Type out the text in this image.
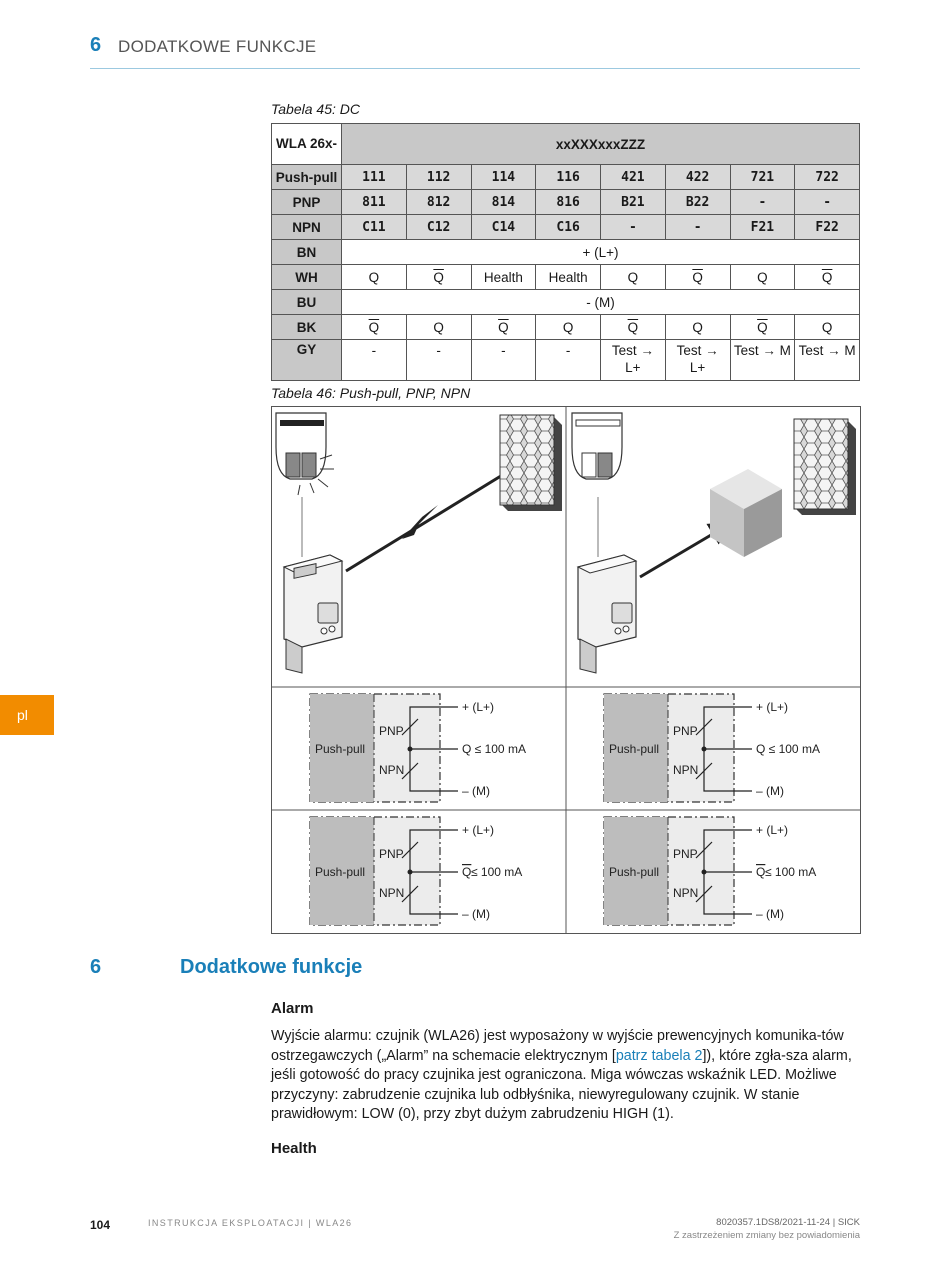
6 DODATKOWE FUNKCJE
Tabela 45: DC
WLA 26x-	xxXXXxxxZZZ							
Push-pull	111	112	114	116	421	422	721	722
PNP	811	812	814	816	B21	B22	-	-
NPN	C11	C12	C14	C16	-	-	F21	F22
BN	+ (L+)							
WH	Q	$\overline{Q}$	Health	Health	Q	$\overline{Q}$	Q	$\overline{Q}$
BU	- (M)							
BK	$\overline{Q}$	Q	$\overline{Q}$	Q	$\overline{Q}$	Q	$\overline{Q}$	Q
GY	-	-	-	-	Test → L+	Test → L+	Test → M	Test → M
Tabela 46: Push-pull, PNP, NPN
Push-pull
PNP
NPN
+ (L+)
– (M)
Q ≤ 100 mA	Push-pull
PNP
NPN
+ (L+)
– (M)
Q ≤ 100 mA
Push-pull
PNP
NPN
+ (L+)
– (M)
Q ≤ 100 mA	Push-pull
PNP
NPN
+ (L+)
– (M)
Q ≤ 100 mA
pl
6	Dodatkowe funkcje
Alarm
Wyjście alarmu: czujnik (WLA26) jest wyposażony w wyjście prewencyjnych komunika-tów ostrzegawczych („Alarm” na schemacie elektrycznym [patrz tabela 2]), które zgła-sza alarm, jeśli gotowość do pracy czujnika jest ograniczona. Miga wówczas wskaźnik LED. Możliwe przyczyny: zabrudzenie czujnika lub odbłyśnika, niewyregulowany czujnik. W stanie prawidłowym: LOW (0), przy zbyt dużym zabrudzeniu HIGH (1).
Health
104	INSTRUKCJA EKSPLOATACJI | WLA26	8020357.1DS8/2021-11-24 | SICK
Z zastrzeżeniem zmiany bez powiadomienia
